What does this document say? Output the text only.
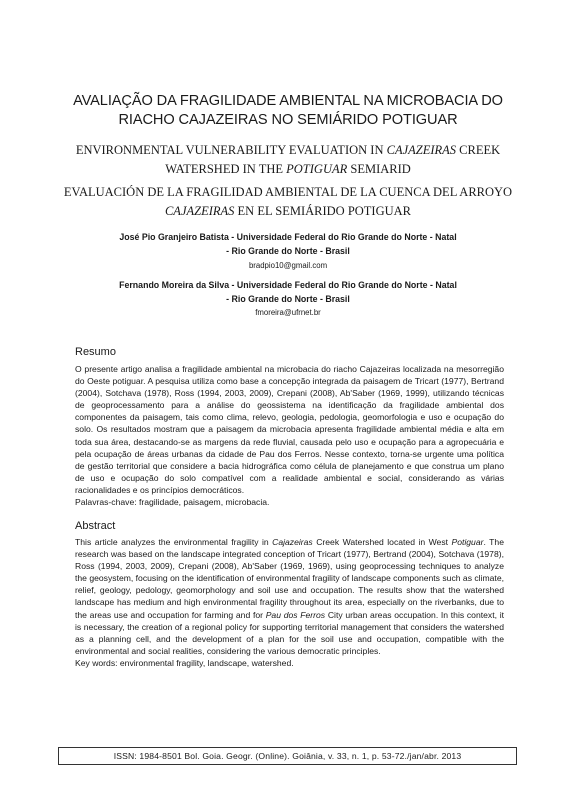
AVALIAÇÃO DA FRAGILIDADE AMBIENTAL NA MICROBACIA DO
RIACHO CAJAZEIRAS NO SEMIÁRIDO POTIGUAR
ENVIRONMENTAL VULNERABILITY EVALUATION IN CAJAZEIRAS CREEK
WATERSHED IN THE POTIGUAR SEMIARID
EVALUACIÓN DE LA FRAGILIDAD AMBIENTAL DE LA CUENCA DEL ARROYO
CAJAZEIRAS EN EL SEMIÁRIDO POTIGUAR
José Pio Granjeiro Batista - Universidade Federal do Rio Grande do Norte - Natal
- Rio Grande do Norte - Brasil
bradpio10@gmail.com
Fernando Moreira da Silva - Universidade Federal do Rio Grande do Norte - Natal
- Rio Grande do Norte - Brasil
fmoreira@ufrnet.br
Resumo

O presente artigo analisa a fragilidade ambiental na microbacia do riacho Cajazeiras localizada na mesorregião do Oeste potiguar. A pesquisa utiliza como base a concepção integrada da paisagem de Tricart (1977), Bertrand (2004), Sotchava (1978), Ross (1994, 2003, 2009), Crepani (2008), Ab'Saber (1969, 1999), utilizando técnicas de geoprocessamento para a análise do geossistema na identificação da fragilidade ambiental dos componentes da paisagem, tais como clima, relevo, geologia, pedologia, geomorfologia e uso e ocupação do solo. Os resultados mostram que a paisagem da microbacia apresenta fragilidade ambiental média e alta em toda sua área, destacando-se as margens da rede fluvial, causada pelo uso e ocupação para a agropecuária e pela ocupação de áreas urbanas da cidade de Pau dos Ferros. Nesse contexto, torna-se urgente uma política de gestão territorial que considere a bacia hidrográfica como célula de planejamento e que construa um plano de uso e ocupação do solo compatível com a realidade ambiental e social, considerando as várias racionalidades e os princípios democráticos.

Palavras-chave: fragilidade, paisagem, microbacia.

Abstract

This article analyzes the environmental fragility in Cajazeiras Creek Watershed located in West Potiguar. The research was based on the landscape integrated conception of Tricart (1977), Bertrand (2004), Sotchava (1978), Ross (1994, 2003, 2009), Crepani (2008), Ab'Saber (1969, 1969), using geoprocessing techniques to analyze the geosystem, focusing on the identification of environmental fragility of landscape components such as climate, relief, geology, pedology, geomorphology and soil use and occupation. The results show that the watershed landscape has medium and high environmental fragility throughout its area, especially on the riverbanks, due to the areas use and occupation for farming and for Pau dos Ferros City urban areas occupation. In this context, it is necessary, the creation of a regional policy for supporting territorial management that considers the watershed as a planning cell, and the development of a plan for the soil use and occupation, compatible with the environmental and social realities, considering the various democratic principles.

Key words: environmental fragility, landscape, watershed.

ISSN: 1984-8501 Bol. Goia. Geogr. (Online). Goiânia, v. 33, n. 1, p. 53-72./jan/abr. 2013
